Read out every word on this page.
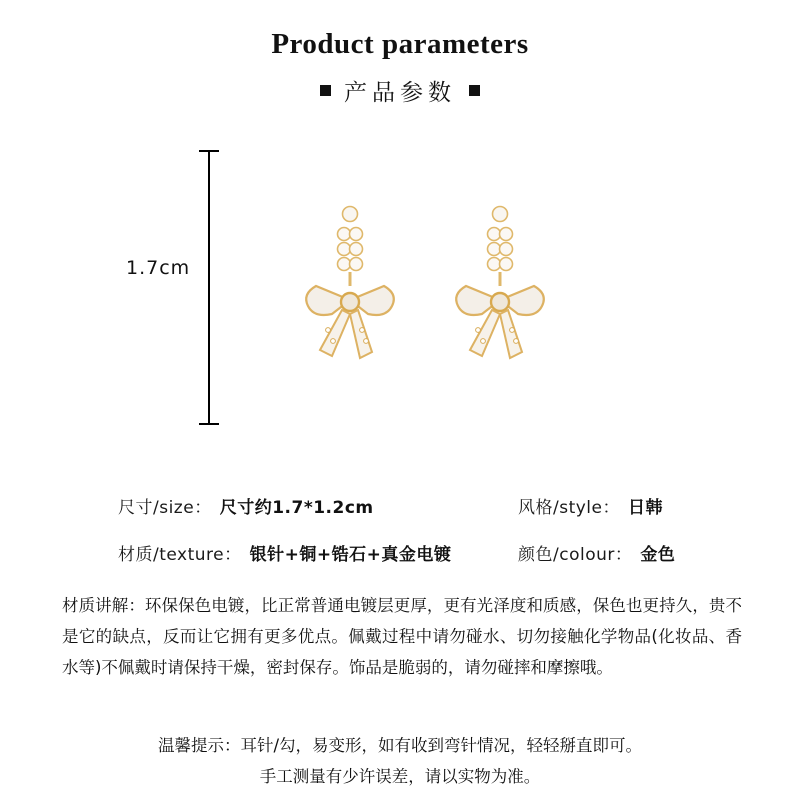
Product parameters
产品参数
1.7cm
尺寸/size： 尺寸约1.7*1.2cm	风格/style： 日韩
材质/texture： 银针+铜+锆石+真金电镀	颜色/colour： 金色
材质讲解：环保保色电镀，比正常普通电镀层更厚，更有光泽度和质感，保色也更持久，贵不是它的缺点，反而让它拥有更多优点。佩戴过程中请勿碰水、切勿接触化学物品(化妆品、香水等)不佩戴时请保持干燥，密封保存。饰品是脆弱的，请勿碰摔和摩擦哦。
温馨提示：耳针/勾，易变形，如有收到弯针情况，轻轻掰直即可。
手工测量有少许误差，请以实物为准。
